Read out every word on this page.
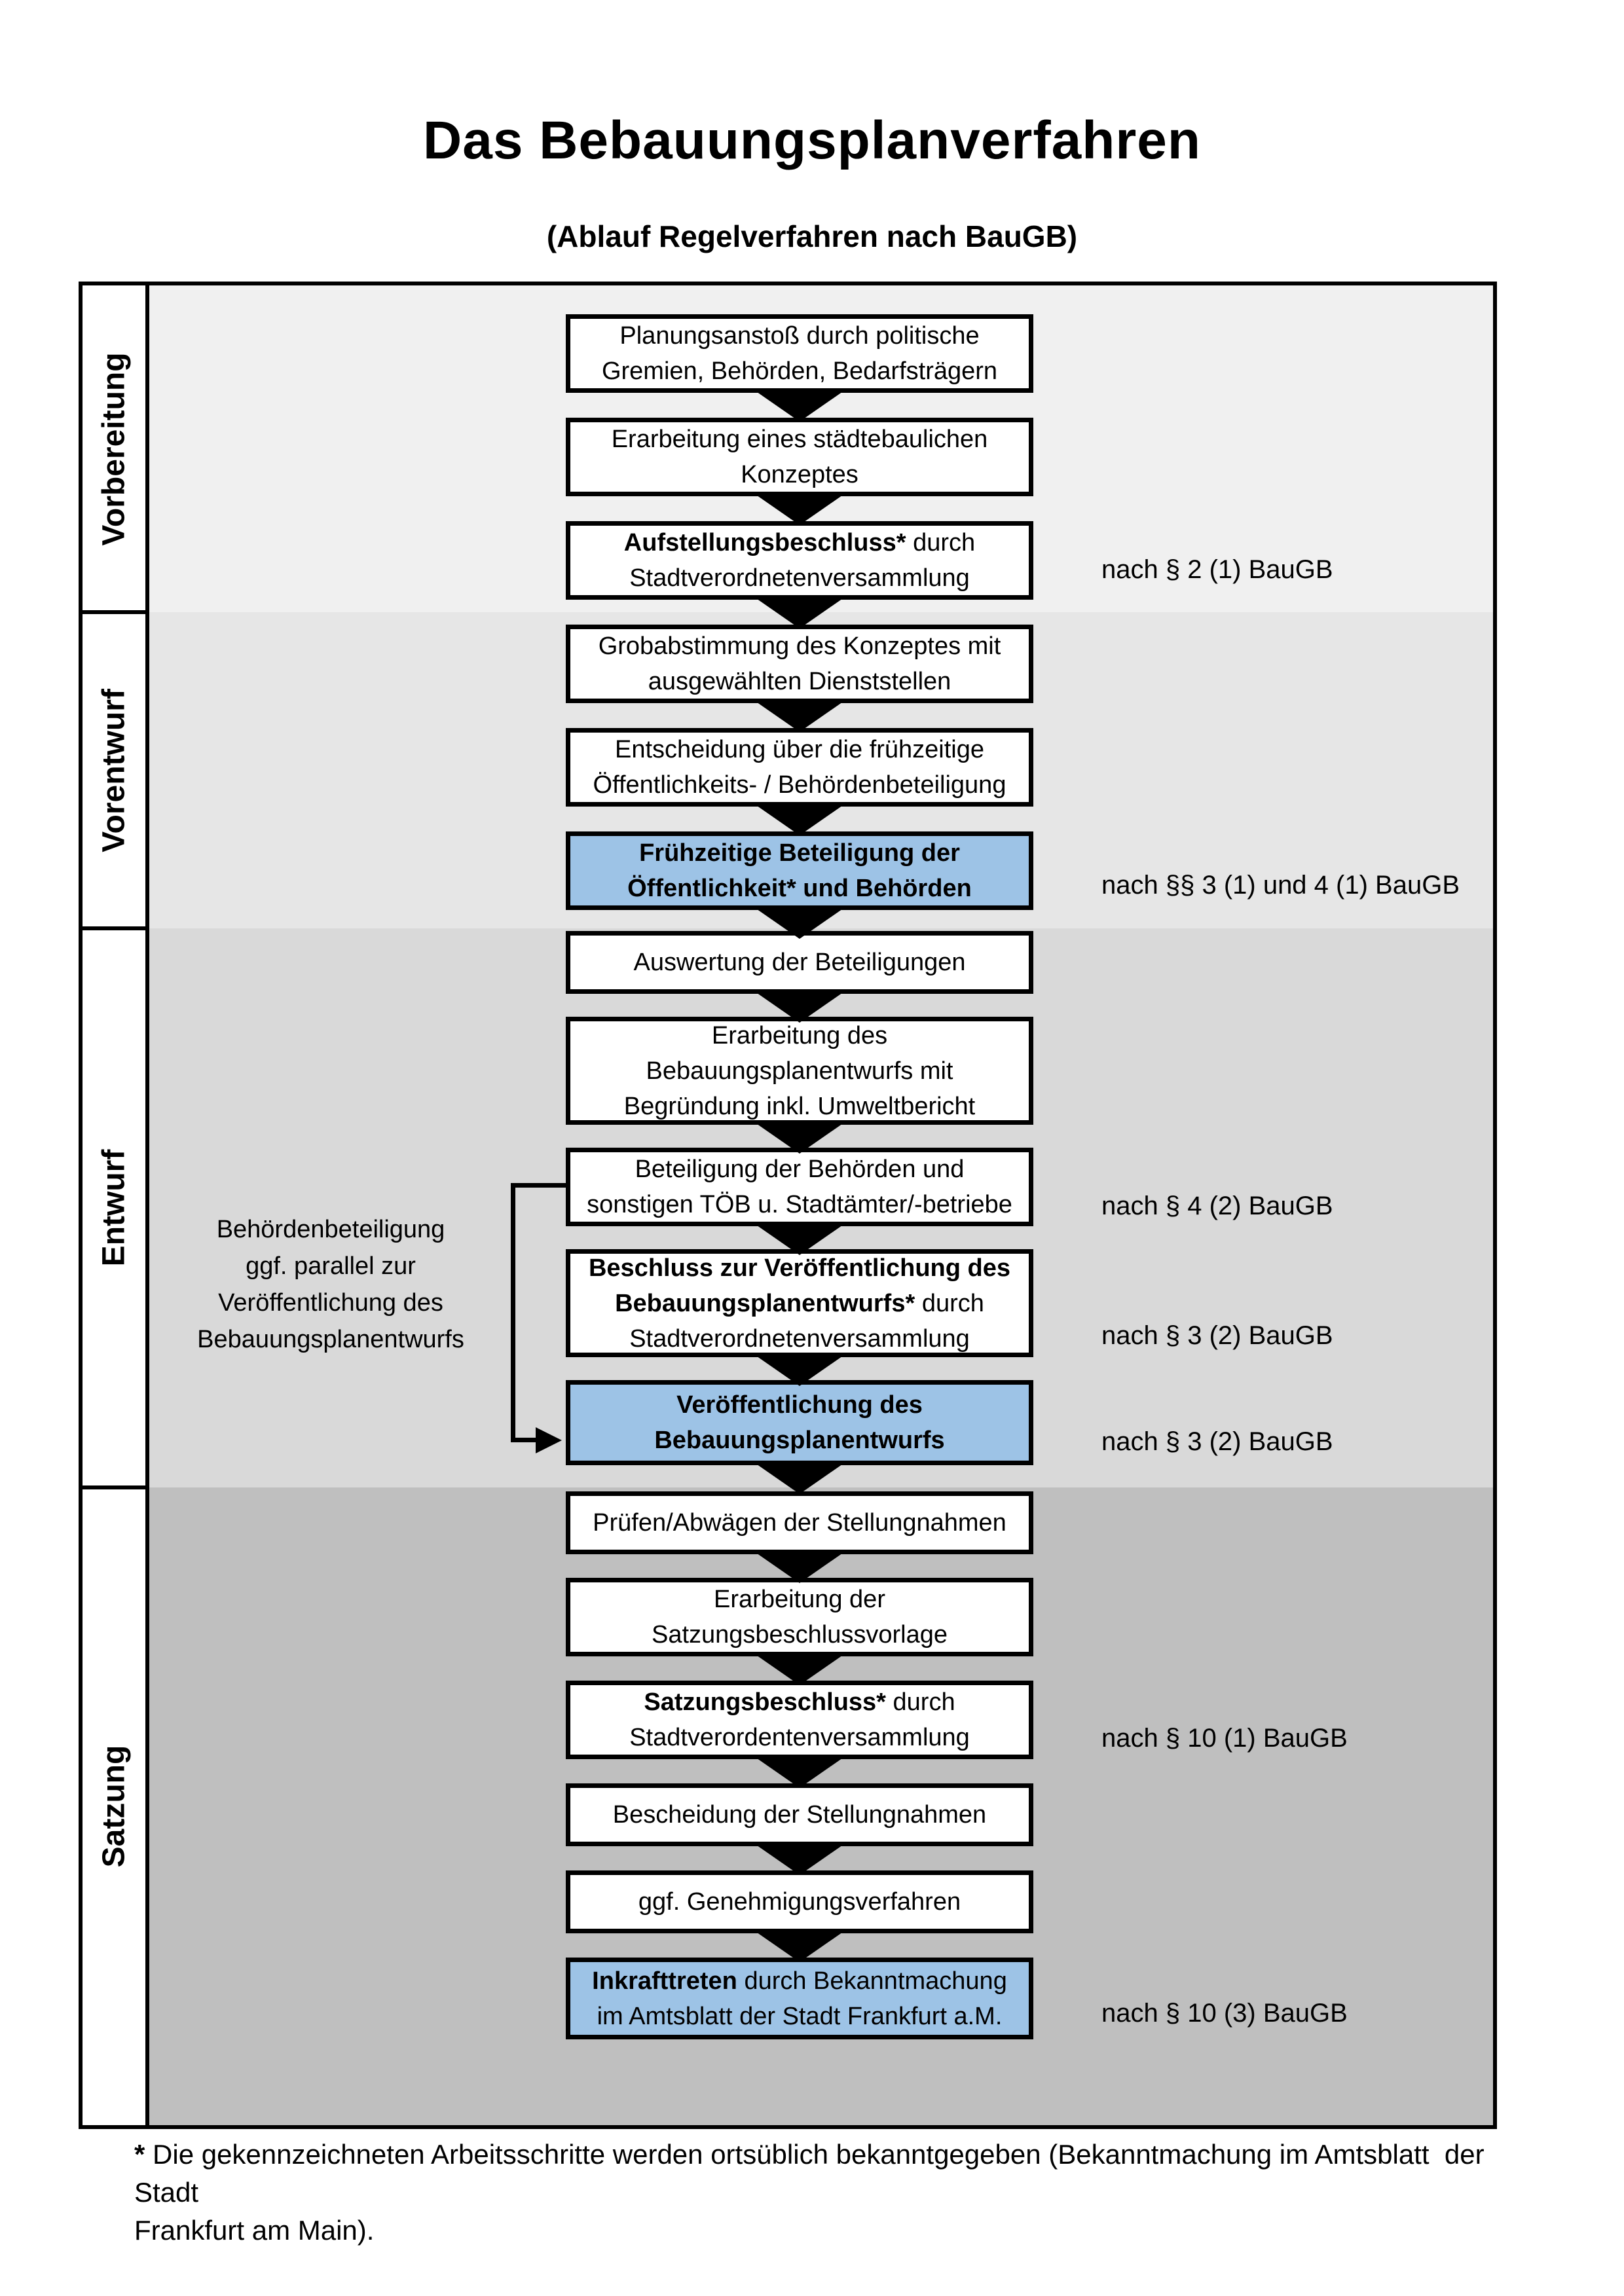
Das Bebauungsplanverfahren
(Ablauf Regelverfahren nach BauGB)
Vorbereitung
Vorentwurf
Entwurf
Satzung
Planungsanstoß durch politische
Gremien, Behörden, Bedarfsträgern
Erarbeitung eines städtebaulichen
Konzeptes
Aufstellungsbeschluss* durch
Stadtverordnetenversammlung
Grobabstimmung des Konzeptes mit
ausgewählten Dienststellen
Entscheidung über die frühzeitige
Öffentlichkeits- / Behördenbeteiligung
Frühzeitige Beteiligung der
Öffentlichkeit* und Behörden
Auswertung der Beteiligungen
Erarbeitung des
Bebauungsplanentwurfs mit
Begründung inkl. Umweltbericht
Beteiligung der Behörden und
sonstigen TÖB u. Stadtämter/-betriebe
Beschluss zur Veröffentlichung des
Bebauungsplanentwurfs* durch
Stadtverordnetenversammlung
Veröffentlichung des
Bebauungsplanentwurfs
Prüfen/Abwägen der Stellungnahmen
Erarbeitung der
Satzungsbeschlussvorlage
Satzungsbeschluss* durch
Stadtverordentenversammlung
Bescheidung der Stellungnahmen
ggf. Genehmigungsverfahren
Inkrafttreten durch Bekanntmachung
im Amtsblatt der Stadt Frankfurt a.M.
nach § 2 (1) BauGB
nach §§ 3 (1) und 4 (1) BauGB
nach § 4 (2) BauGB
nach § 3 (2) BauGB
nach § 3 (2) BauGB
nach § 10 (1) BauGB
nach § 10 (3) BauGB
Behördenbeteiligung
ggf. parallel zur
Veröffentlichung des
Bebauungsplanentwurfs
* Die gekennzeichneten Arbeitsschritte werden ortsüblich bekanntgegeben (Bekanntmachung im Amtsblatt  der Stadt
Frankfurt am Main).
